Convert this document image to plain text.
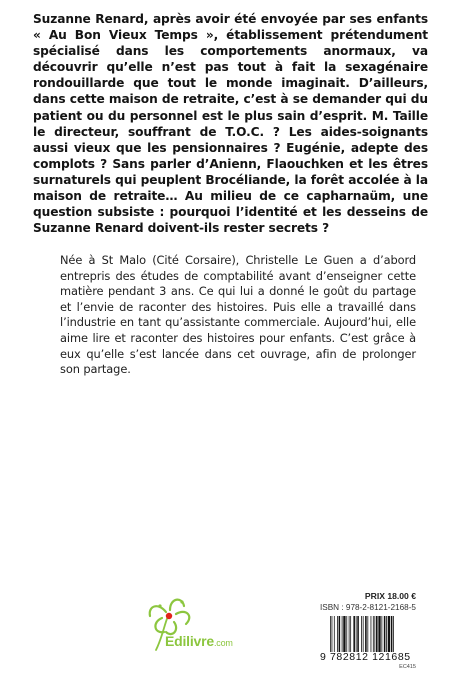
Suzanne Renard, après avoir été envoyée par ses enfants « Au Bon Vieux Temps », établissement prétendument spécialisé dans les comportements anormaux, va découvrir qu’elle n’est pas tout à fait la sexagénaire rondouillarde que tout le monde imaginait. D’ailleurs, dans cette maison de retraite, c’est à se demander qui du patient ou du personnel est le plus sain d’esprit. M. Taille le directeur, souffrant de T.O.C. ? Les aides-soignants aussi vieux que les pensionnaires ? Eugénie, adepte des complots ? Sans parler d’Anienn, Flaouchken et les êtres surnaturels qui peuplent Brocéliande, la forêt accolée à la maison de retraite… Au milieu de ce capharnaüm, une question subsiste : pourquoi l’identité et les desseins de Suzanne Renard doivent-ils rester secrets ?

Née à St Malo (Cité Corsaire), Christelle Le Guen a d’abord entrepris des études de comptabilité avant d’enseigner cette matière pendant 3 ans. Ce qui lui a donné le goût du partage et l’envie de raconter des histoires. Puis elle a travaillé dans l’industrie en tant qu’assistante commerciale. Aujourd’hui, elle aime lire et raconter des histoires pour enfants. C’est grâce à eux qu’elle s’est lancée dans cet ouvrage, afin de prolonger son partage.

Edilivre.com
PRIX 18.00 €
ISBN : 978-2-8121-2168-5
9 782812 121685
EC415
